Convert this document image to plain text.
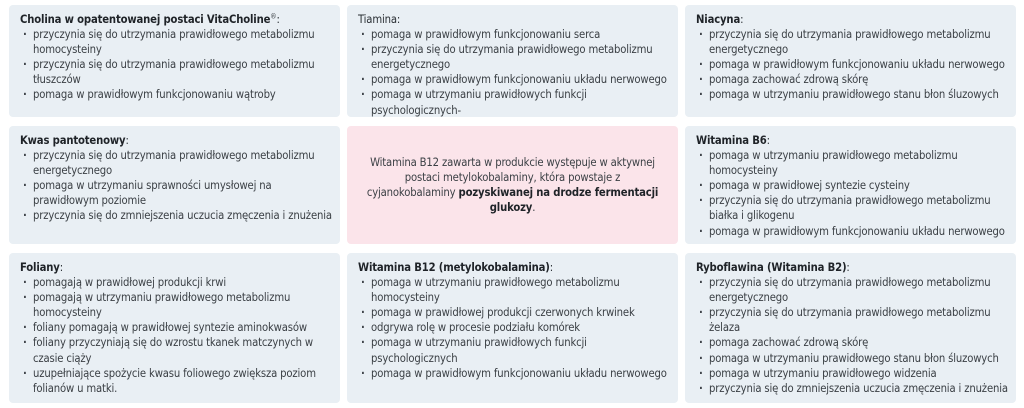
Cholina w opatentowanej postaci VitaCholine®:
· przyczynia się do utrzymania prawidłowego metabolizmu homocysteiny
· przyczynia się do utrzymania prawidłowego metabolizmu tłuszczów
· pomaga w prawidłowym funkcjonowaniu wątroby
Tiamina:
· pomaga w prawidłowym funkcjonowaniu serca
· przyczynia się do utrzymania prawidłowego metabolizmu energetycznego
· pomaga w prawidłowym funkcjonowaniu układu nerwowego
· pomaga w utrzymaniu prawidłowych funkcji psychologicznych-
Niacyna:
· przyczynia się do utrzymania prawidłowego metabolizmu energetycznego
· pomaga w prawidłowym funkcjonowaniu układu nerwowego
· pomaga zachować zdrową skórę
· pomaga w utrzymaniu prawidłowego stanu błon śluzowych
Kwas pantotenowy:
· przyczynia się do utrzymania prawidłowego metabolizmu energetycznego
· pomaga w utrzymaniu sprawności umysłowej na prawidłowym poziomie
· przyczynia się do zmniejszenia uczucia zmęczenia i znużenia
Witamina B12 zawarta w produkcie występuje w aktywnej postaci metylokobalaminy, która powstaje z cyjanokobalaminy pozyskiwanej na drodze fermentacji glukozy.
Witamina B6:
· pomaga w utrzymaniu prawidłowego metabolizmu homocysteiny
· pomaga w prawidłowej syntezie cysteiny
· przyczynia się do utrzymania prawidłowego metabolizmu białka i glikogenu
· pomaga w prawidłowym funkcjonowaniu układu nerwowego
Foliany:
· pomagają w prawidłowej produkcji krwi
· pomagają w utrzymaniu prawidłowego metabolizmu homocysteiny
· foliany pomagają w prawidłowej syntezie aminokwasów
· foliany przyczyniają się do wzrostu tkanek matczynych w czasie ciąży
· uzupełniające spożycie kwasu foliowego zwiększa poziom folianów u matki.
Witamina B12 (metylokobalamina):
· pomaga w utrzymaniu prawidłowego metabolizmu homocysteiny
· pomaga w prawidłowej produkcji czerwonych krwinek
· odgrywa rolę w procesie podziału komórek
· pomaga w utrzymaniu prawidłowych funkcji psychologicznych
· pomaga w prawidłowym funkcjonowaniu układu nerwowego
Ryboflawina (Witamina B2):
· przyczynia się do utrzymania prawidłowego metabolizmu energetycznego
· przyczynia się do utrzymania prawidłowego metabolizmu żelaza
· pomaga zachować zdrową skórę
· pomaga w utrzymaniu prawidłowego stanu błon śluzowych
· pomaga w utrzymaniu prawidłowego widzenia
· przyczynia się do zmniejszenia uczucia zmęczenia i znużenia
